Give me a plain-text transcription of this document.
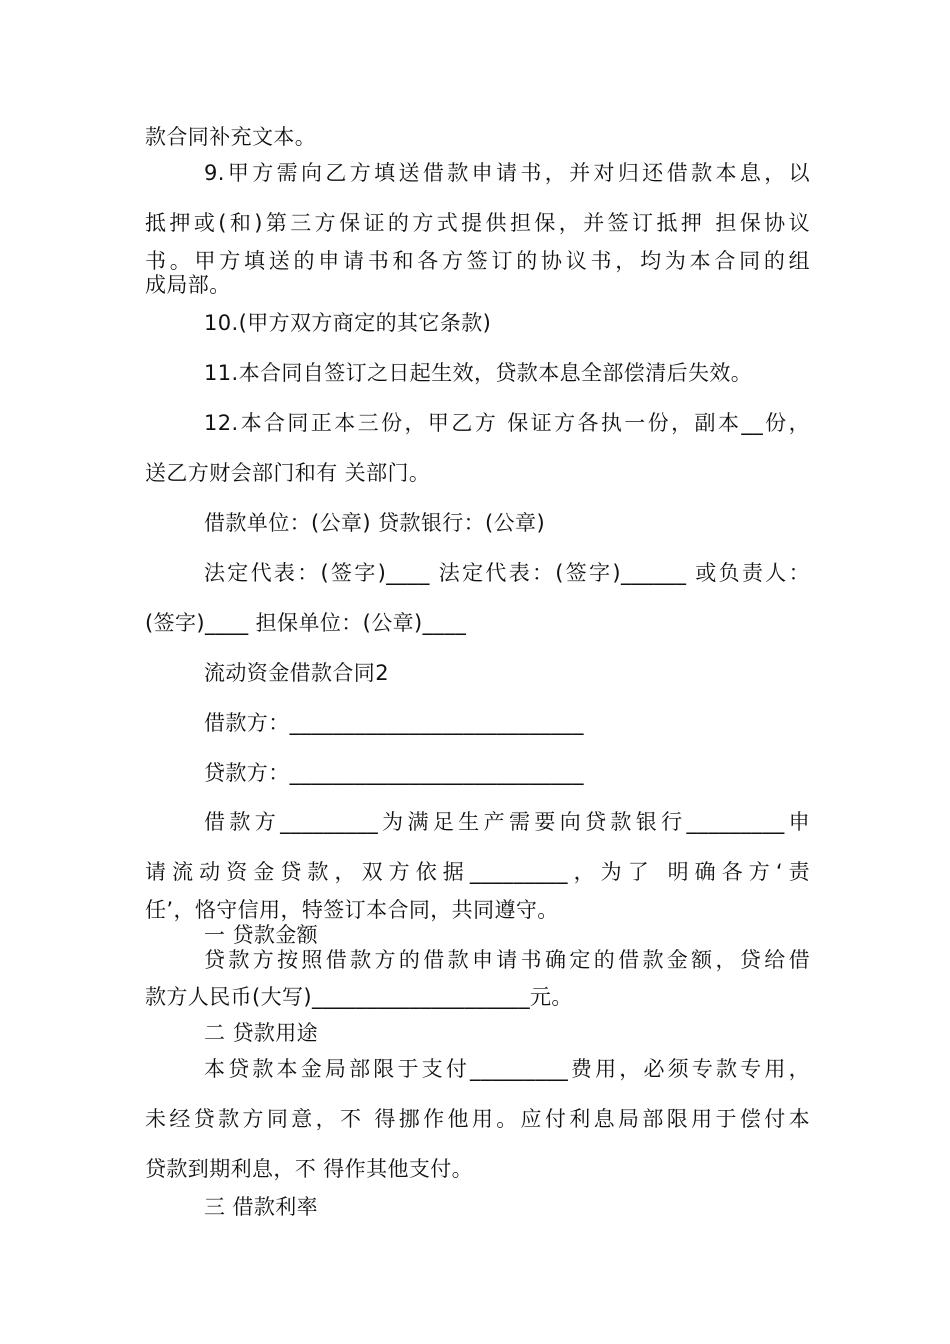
款合同补充文本。
9.甲方需向乙方填送借款申请书，并对归还借款本息，以
抵押或(和)第三方保证的方式提供担保，并签订抵押 担保协议
书。甲方填送的申请书和各方签订的协议书，均为本合同的组
成局部。
10.(甲方双方商定的其它条款)
11.本合同自签订之日起生效，贷款本息全部偿清后失效。
12.本合同正本三份，甲乙方 保证方各执一份，副本__份，
送乙方财会部门和有 关部门。
借款单位：(公章) 贷款银行：(公章)
法定代表：(签字)____ 法定代表：(签字)______ 或负责人：
(签字)____ 担保单位：(公章)____
流动资金借款合同2
借款方：___________________________
贷款方：___________________________
借款方_________为满足生产需要向贷款银行_________申
请流动资金贷款，双方依据_________，为了 明确各方‘责
任’，恪守信用，特签订本合同，共同遵守。
一 贷款金额
贷款方按照借款方的借款申请书确定的借款金额，贷给借
款方人民币(大写)____________________元。
二 贷款用途
本贷款本金局部限于支付_________费用，必须专款专用，
未经贷款方同意，不 得挪作他用。应付利息局部限用于偿付本
贷款到期利息，不 得作其他支付。
三 借款利率
